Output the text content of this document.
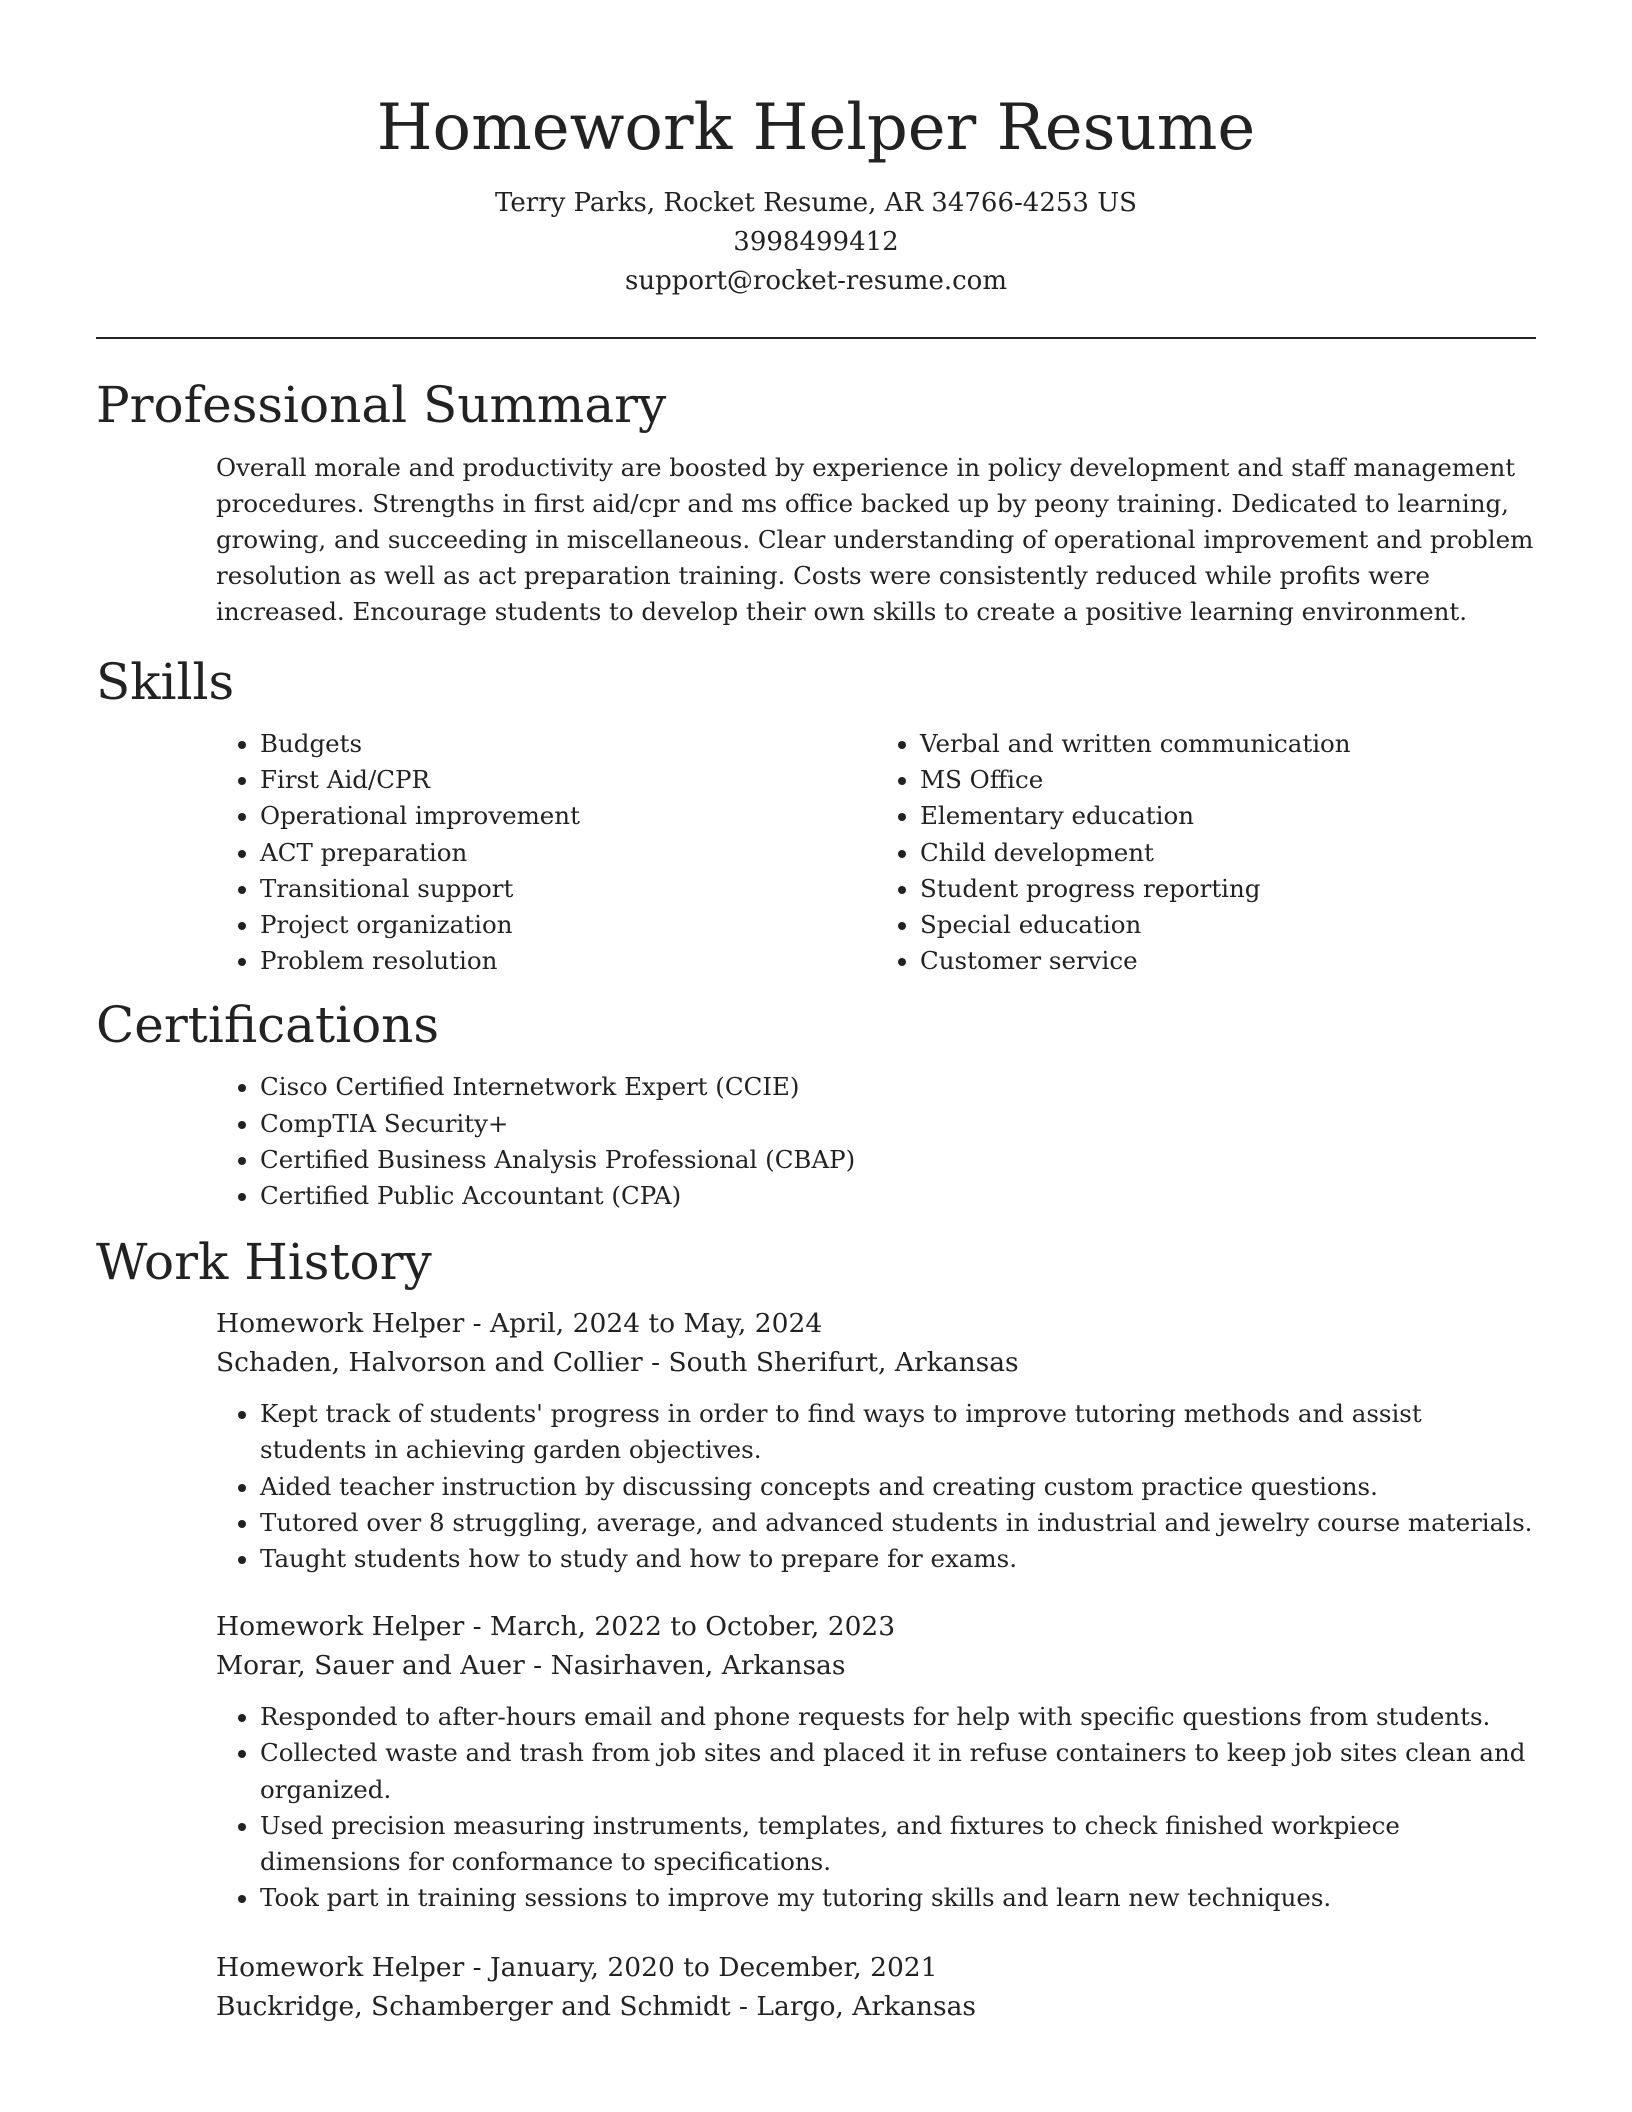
Homework Helper Resume
Terry Parks, Rocket Resume, AR 34766-4253 US
3998499412
support@rocket-resume.com
Professional Summary

Overall morale and productivity are boosted by experience in policy development and staff management procedures. Strengths in first aid/cpr and ms office backed up by peony training. Dedicated to learning, growing, and succeeding in miscellaneous. Clear understanding of operational improvement and problem resolution as well as act preparation training. Costs were consistently reduced while profits were increased. Encourage students to develop their own skills to create a positive learning environment.

Skills
• Budgets
• First Aid/CPR
• Operational improvement
• ACT preparation
• Transitional support
• Project organization
• Problem resolution
• Verbal and written communication
• MS Office
• Elementary education
• Child development
• Student progress reporting
• Special education
• Customer service
Certifications
• Cisco Certified Internetwork Expert (CCIE)
• CompTIA Security+
• Certified Business Analysis Professional (CBAP)
• Certified Public Accountant (CPA)
Work History
Homework Helper - April, 2024 to May, 2024
Schaden, Halvorson and Collier - South Sherifurt, Arkansas
• Kept track of students' progress in order to find ways to improve tutoring methods and assist students in achieving garden objectives.
• Aided teacher instruction by discussing concepts and creating custom practice questions.
• Tutored over 8 struggling, average, and advanced students in industrial and jewelry course materials.
• Taught students how to study and how to prepare for exams.
Homework Helper - March, 2022 to October, 2023
Morar, Sauer and Auer - Nasirhaven, Arkansas
• Responded to after-hours email and phone requests for help with specific questions from students.
• Collected waste and trash from job sites and placed it in refuse containers to keep job sites clean and organized.
• Used precision measuring instruments, templates, and fixtures to check finished workpiece dimensions for conformance to specifications.
• Took part in training sessions to improve my tutoring skills and learn new techniques.
Homework Helper - January, 2020 to December, 2021
Buckridge, Schamberger and Schmidt - Largo, Arkansas
